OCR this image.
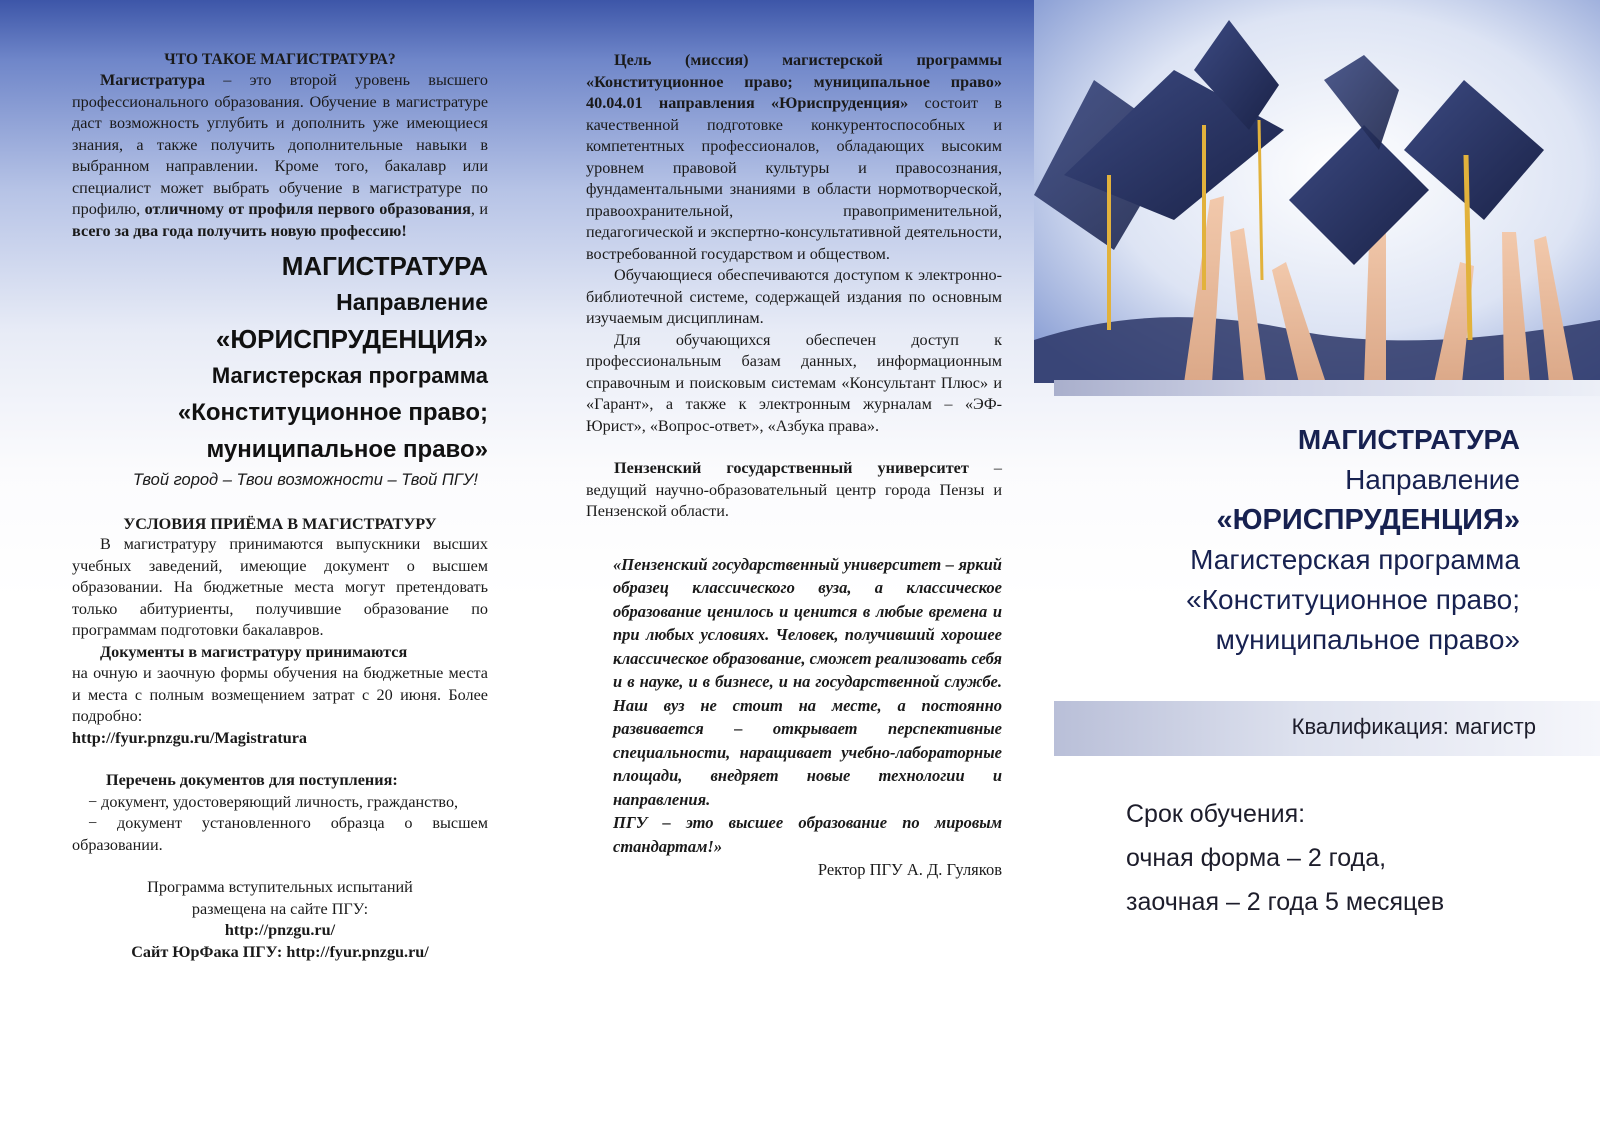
ЧТО ТАКОЕ МАГИСТРАТУРА?

Магистратура – это второй уровень высшего профессионального образования. Обучение в магистратуре даст возможность углубить и дополнить уже имеющиеся знания, а также получить дополнительные навыки в выбранном направлении. Кроме того, бакалавр или специалист может выбрать обучение в магистратуре по профилю, отличному от профиля первого образования, и всего за два года получить новую профессию!

МАГИСТРАТУРА

Направление

«ЮРИСПРУДЕНЦИЯ»

Магистерская программа

«Конституционное право;

муниципальное право»

Твой город – Твои возможности – Твой ПГУ!

УСЛОВИЯ ПРИЁМА В МАГИСТРАТУРУ

В магистратуру принимаются выпускники высших учебных заведений, имеющие документ о высшем образовании. На бюджетные места могут претендовать только абитуриенты, получившие образование по программам подготовки бакалавров.

Документы в магистратуру принимаются

на очную и заочную формы обучения на бюджетные места и места с полным возмещением затрат с 20 июня. Более подробно:

http://fyur.pnzgu.ru/Magistratura

Перечень документов для поступления:

− документ, удостоверяющий личность, гражданство,

− документ установленного образца о высшем образовании.

Программа вступительных испытаний

размещена на сайте ПГУ:

http://pnzgu.ru/

Сайт ЮрФака ПГУ: http://fyur.pnzgu.ru/

Цель (миссия) магистерской программы «Конституционное право; муниципальное право» 40.04.01 направления «Юриспруденция» состоит в качественной подготовке конкурентоспособных и компетентных профессионалов, обладающих высоким уровнем правовой культуры и правосознания, фундаментальными знаниями в области нормотворческой, правоохранительной, правоприменительной, педагогической и экспертно-консультативной деятельности, востребованной государством и обществом.

Обучающиеся обеспечиваются доступом к электронно-библиотечной системе, содержащей издания по основным изучаемым дисциплинам.

Для обучающихся обеспечен доступ к профессиональным базам данных, информационным справочным и поисковым системам «Консультант Плюс» и «Гарант», а также к электронным журналам – «ЭФ-Юрист», «Вопрос-ответ», «Азбука права».

Пензенский государственный университет – ведущий научно-образовательный центр города Пензы и Пензенской области.

«Пензенский государственный университет – яркий образец классического вуза, а классическое образование ценилось и ценится в любые времена и при любых условиях. Человек, получивший хорошее классическое образование, сможет реализовать себя и в науке, и в бизнесе, и на государственной службе. Наш вуз не стоит на месте, а постоянно развивается – открывает перспективные специальности, наращивает учебно-лабораторные площади, внедряет новые технологии и направления.

ПГУ – это высшее образование по мировым стандартам!»

Ректор ПГУ А. Д. Гуляков

МАГИСТРАТУРА

Направление

«ЮРИСПРУДЕНЦИЯ»

Магистерская программа

«Конституционное право;

муниципальное право»

Квалификация: магистр

Срок обучения:

очная форма – 2 года,

заочная – 2 года 5 месяцев
